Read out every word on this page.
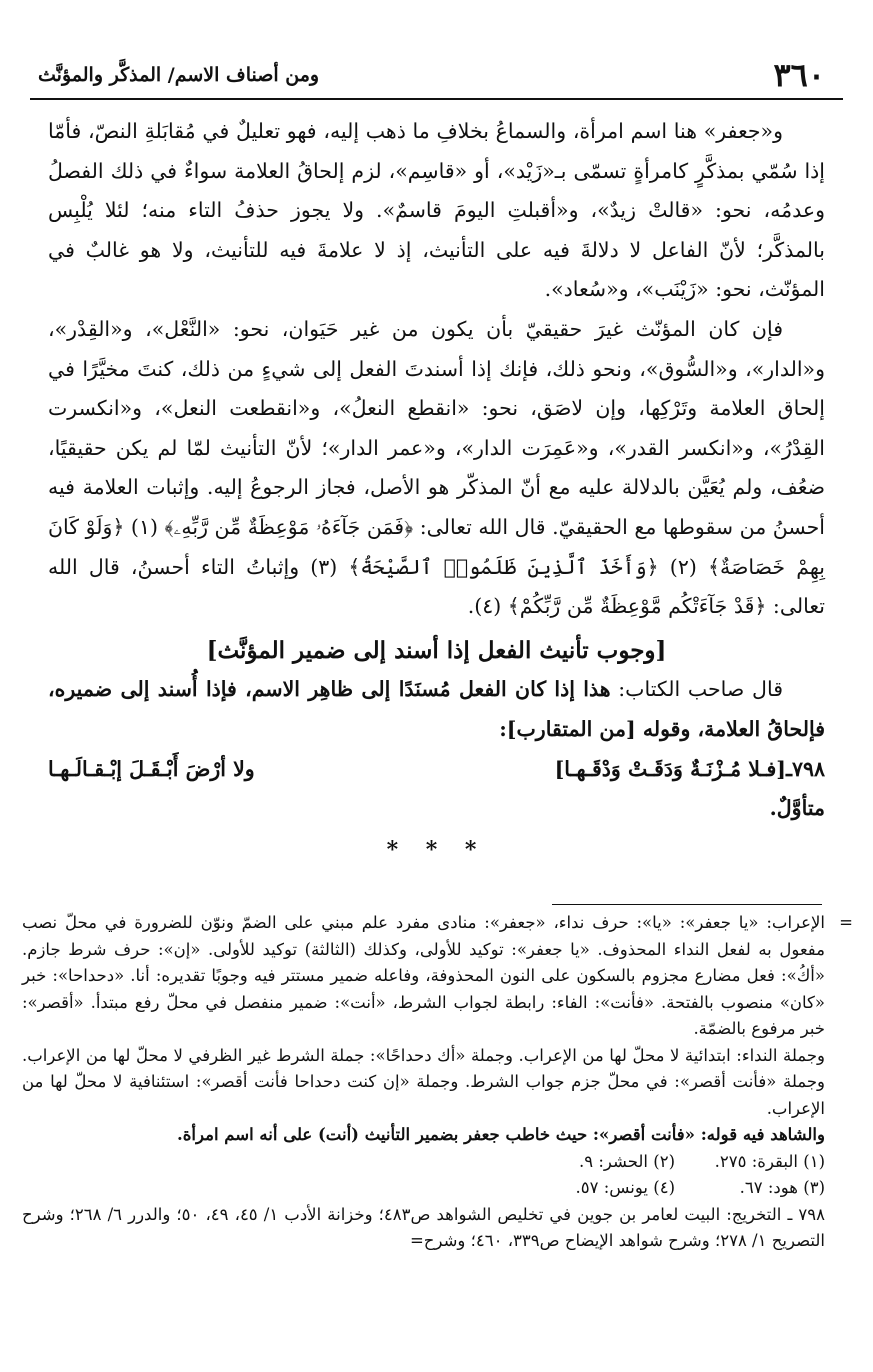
٣٦٠
ومن أصناف الاسم/ المذكَّر والمؤنَّث

و«جعفر» هنا اسم امرأة، والسماعُ بخلافِ ما ذهب إليه، فهو تعليلٌ في مُقابَلةِ النصّ، فأمّا إذا سُمّي بمذكَّرٍ كامرأةٍ تسمّى بـ«زَيْد»، أو «قاسِم»، لزم إلحاقُ العلامة سواءٌ في ذلك الفصلُ وعدمُه، نحو: «قالتْ زيدٌ»، و«أقبلتِ اليومَ قاسمٌ». ولا يجوز حذفُ التاء منه؛ لئلا يُلْبِس بالمذكَّر؛ لأنّ الفاعل لا دلالةَ فيه على التأنيث، إذ لا علامةَ فيه للتأنيث، ولا هو غالبٌ في المؤنّث، نحو: «زَيْنَب»، و«سُعاد».

فإن كان المؤنّث غيرَ حقيقيّ بأن يكون من غير حَيَوان، نحو: «النَّعْل»، و«القِدْر»، و«الدار»، و«السُّوق»، ونحو ذلك، فإنك إذا أسندتَ الفعل إلى شيءٍ من ذلك، كنتَ مخيَّرًا في إلحاق العلامة وتَرْكِها، وإن لاصَق، نحو: «انقطع النعلُ»، و«انقطعت النعل»، و«انكسرت القِدْرُ»، و«انكسر القدر»، و«عَمِرَت الدار»، و«عمر الدار»؛ لأنّ التأنيث لمّا لم يكن حقيقيًا، ضعُف، ولم يُعَيَّن بالدلالة عليه مع أنّ المذكّر هو الأصل، فجاز الرجوعُ إليه. وإثبات العلامة فيه أحسنُ من سقوطها مع الحقيقيّ. قال الله تعالى: ﴿فَمَن جَآءَهُۥ مَوْعِظَةٌ مِّن رَّبِّهِۦ﴾ (١) ﴿وَلَوْ كَانَ بِهِمْ خَصَاصَةٌ﴾ (٢) ﴿وَأَخَذَ ٱلَّذِينَ ظَلَمُوا۟ ٱلصَّيْحَةُ﴾ (٣) وإثباتُ التاء أحسنُ، قال الله تعالى: ﴿قَدْ جَآءَتْكُم مَّوْعِظَةٌ مِّن رَّبِّكُمْ﴾ (٤).

[وجوب تأنيث الفعل إذا أسند إلى ضمير المؤنَّث]

قال صاحب الكتاب: هذا إذا كان الفعل مُسنَدًا إلى ظاهِر الاسم، فإذا أُسند إلى ضميره، فإلحاقُ العلامة، وقوله [من المتقارب]:

٧٩٨ـ[فـلا مُـزْنَـةٌ وَدَقَـتْ وَدْقَـهـا]
ولا أرْضَ أَبْـقَـلَ إبْـقـالَـهـا

متأوَّلٌ.

* * *

=

الإعراب: «يا جعفر»: «يا»: حرف نداء، «جعفر»: منادى مفرد علم مبني على الضمّ ونوّن للضرورة في محلّ نصب مفعول به لفعل النداء المحذوف. «يا جعفر»: توكيد للأولى، وكذلك (الثالثة) توكيد للأولى. «إن»: حرف شرط جازم. «أكُ»: فعل مضارع مجزوم بالسكون على النون المحذوفة، وفاعله ضمير مستتر فيه وجوبًا تقديره: أنا. «دحداحا»: خبر «كان» منصوب بالفتحة. «فأنت»: الفاء: رابطة لجواب الشرط، «أنت»: ضمير منفصل في محلّ رفع مبتدأ. «أقصر»: خبر مرفوع بالضمّة.

وجملة النداء: ابتدائية لا محلّ لها من الإعراب. وجملة «أك دحداحًا»: جملة الشرط غير الظرفي لا محلّ لها من الإعراب. وجملة «فأنت أقصر»: في محلّ جزم جواب الشرط. وجملة «إن كنت دحداحا فأنت أقصر»: استئنافية لا محلّ لها من الإعراب.

والشاهد فيه قوله: «فأنت أقصر»: حيث خاطب جعفر بضمير التأنيث (أنت) على أنه اسم امرأة.

(١) البقرة: ٢٧٥.
(٢) الحشر: ٩.
(٣) هود: ٦٧.
(٤) يونس: ٥٧.

٧٩٨ ـ التخريج: البيت لعامر بن جوين في تخليص الشواهد ص٤٨٣؛ وخزانة الأدب ١/ ٤٥، ٤٩، ٥٠؛ والدرر ٦/ ٢٦٨؛ وشرح التصريح ١/ ٢٧٨؛ وشرح شواهد الإيضاح ص٣٣٩، ٤٦٠؛ وشرح=
